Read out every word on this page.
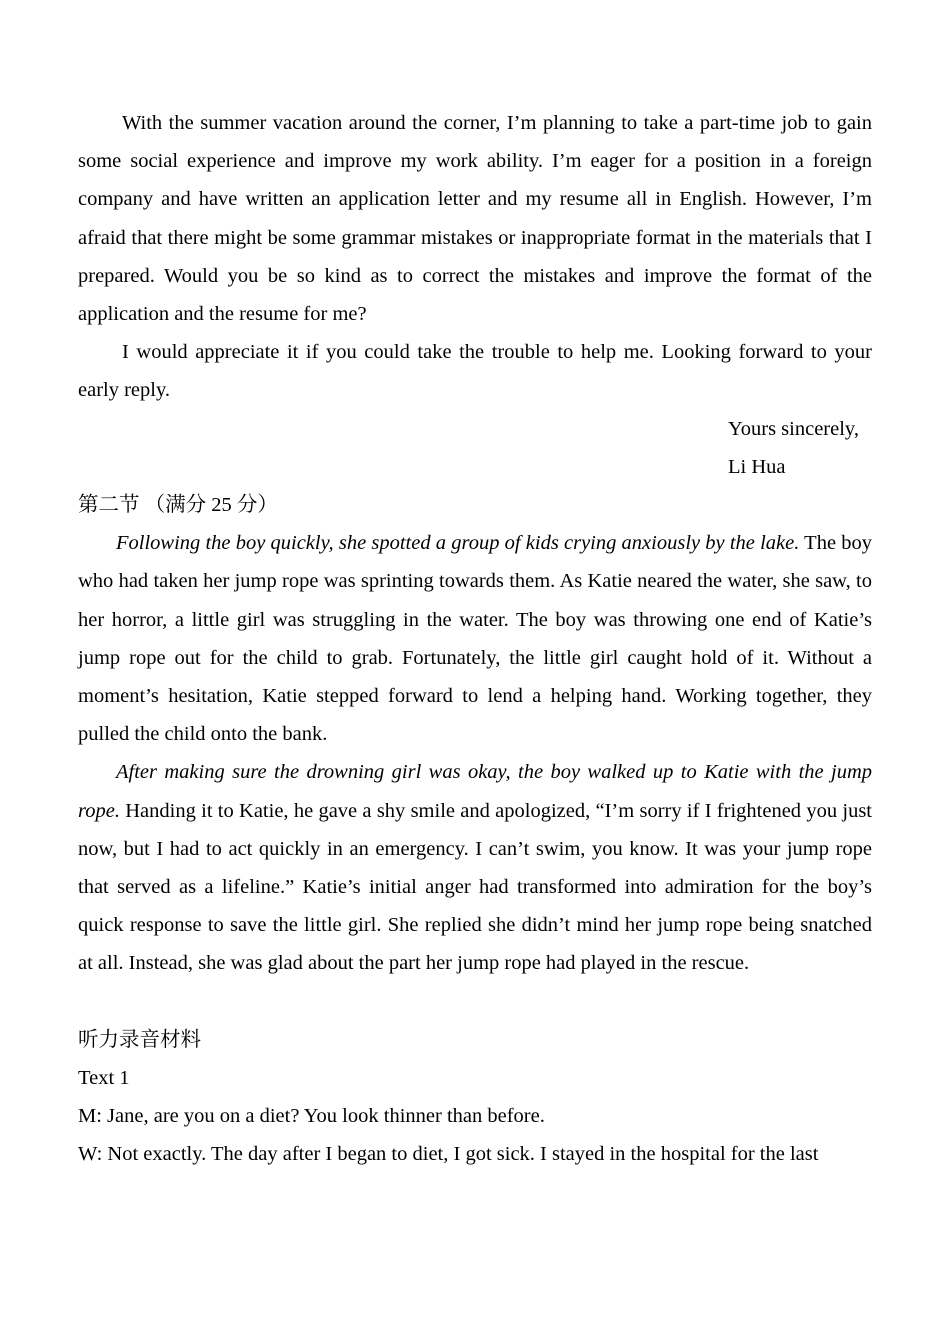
With the summer vacation around the corner, I’m planning to take a part-time job to gain some social experience and improve my work ability. I’m eager for a position in a foreign company and have written an application letter and my resume all in English. However, I’m afraid that there might be some grammar mistakes or inappropriate format in the materials that I prepared. Would you be so kind as to correct the mistakes and improve the format of the application and the resume for me?

I would appreciate it if you could take the trouble to help me. Looking forward to your early reply.

Yours sincerely,

Li Hua

第二节 （满分 25 分）

Following the boy quickly, she spotted a group of kids crying anxiously by the lake. The boy who had taken her jump rope was sprinting towards them. As Katie neared the water, she saw, to her horror, a little girl was struggling in the water. The boy was throwing one end of Katie’s jump rope out for the child to grab. Fortunately, the little girl caught hold of it. Without a moment’s hesitation, Katie stepped forward to lend a helping hand. Working together, they pulled the child onto the bank.

After making sure the drowning girl was okay, the boy walked up to Katie with the jump rope. Handing it to Katie, he gave a shy smile and apologized, “I’m sorry if I frightened you just now, but I had to act quickly in an emergency. I can’t swim, you know. It was your jump rope that served as a lifeline.” Katie’s initial anger had transformed into admiration for the boy’s quick response to save the little girl. She replied she didn’t mind her jump rope being snatched at all. Instead, she was glad about the part her jump rope had played in the rescue.

听力录音材料

Text 1

M: Jane, are you on a diet? You look thinner than before.

W: Not exactly. The day after I began to diet, I got sick. I stayed in the hospital for the last
